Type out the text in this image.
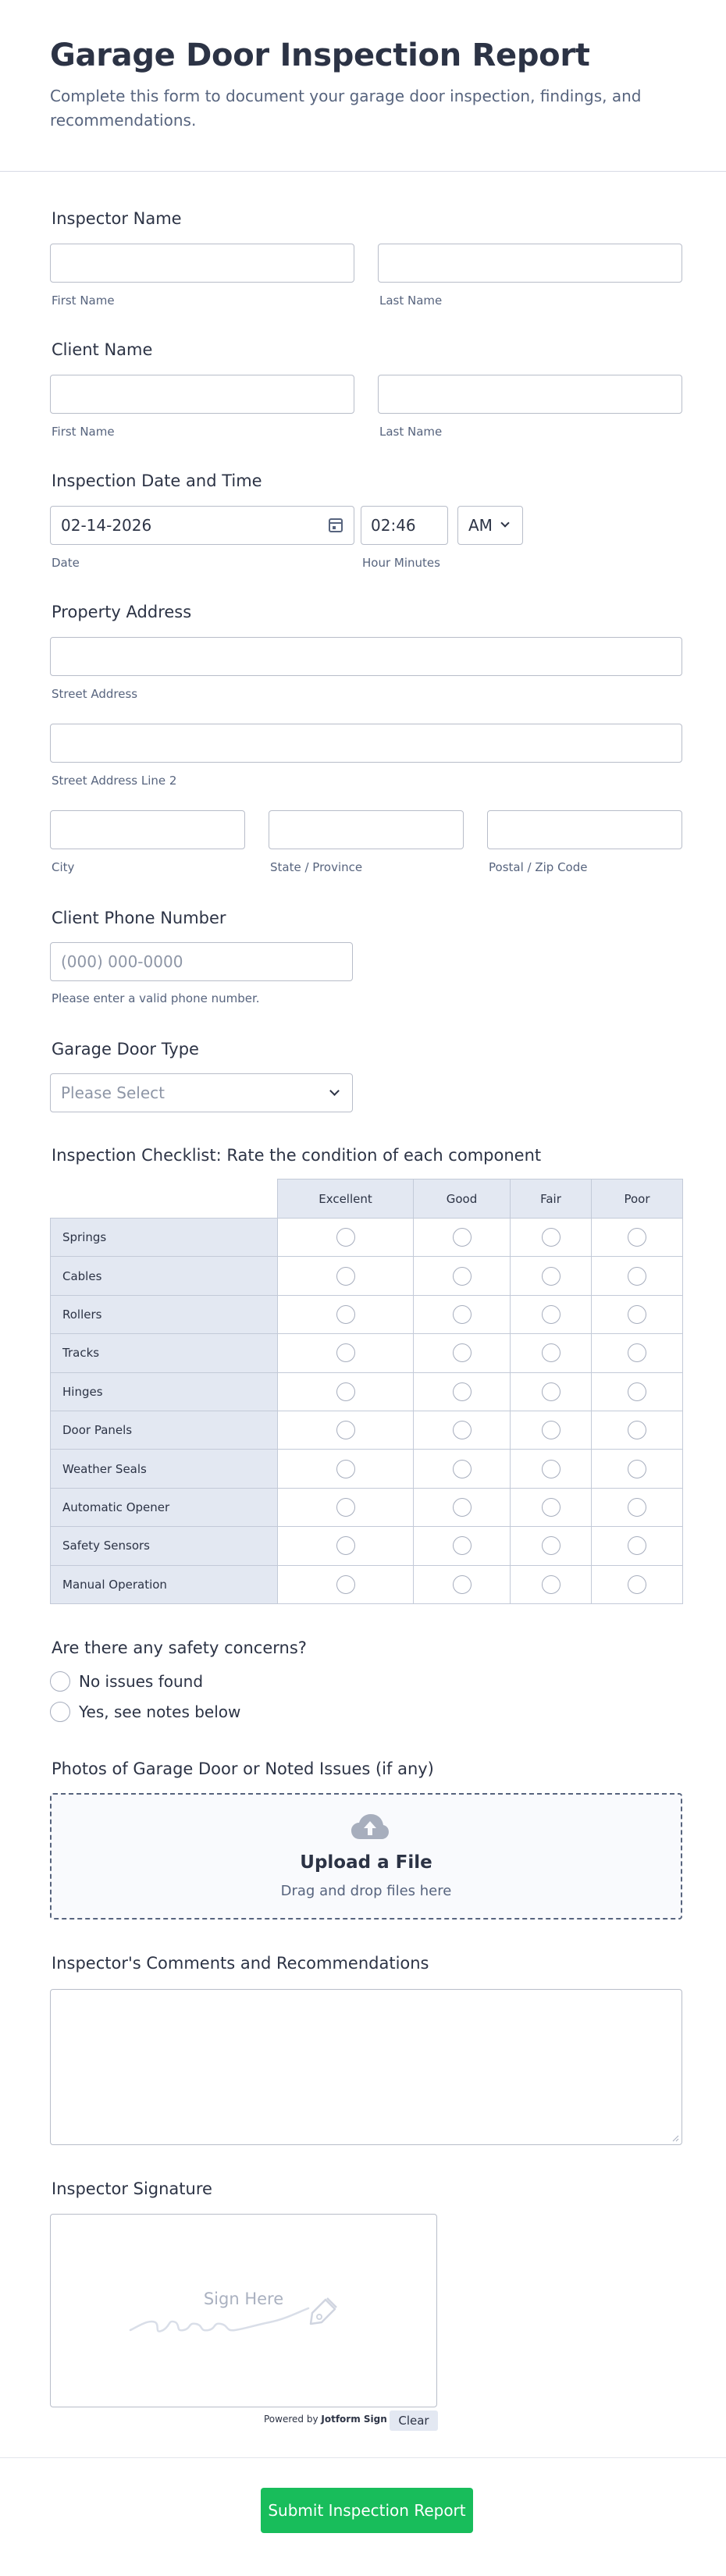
Garage Door Inspection Report

Complete this form to document your garage door inspection, findings, and recommendations.

Inspector Name
First Name	Last Name
Client Name
First Name	Last Name
Inspection Date and Time
02-14-2026	02:46	AM
Date	Hour Minutes
Property Address
Street Address
Street Address Line 2
City	State / Province	Postal / Zip Code
Client Phone Number
(000) 000-0000
Please enter a valid phone number.
Garage Door Type
Please Select
Inspection Checklist: Rate the condition of each component
	Excellent	Good	Fair	Poor
Springs				
Cables				
Rollers				
Tracks				
Hinges				
Door Panels				
Weather Seals				
Automatic Opener				
Safety Sensors				
Manual Operation				
Are there any safety concerns?
No issues found
Yes, see notes below
Photos of Garage Door or Noted Issues (if any)
Upload a File
Drag and drop files here
Inspector's Comments and Recommendations
Inspector Signature
Sign Here
Powered by Jotform Sign Clear
Submit Inspection Report
